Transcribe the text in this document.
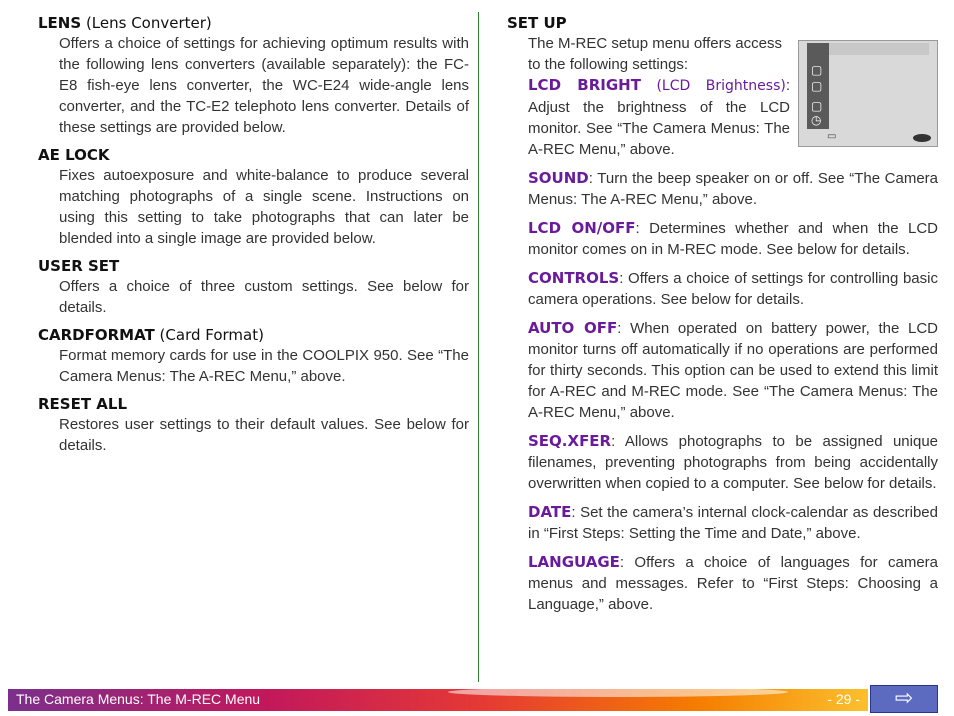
LENS (Lens Converter)
Offers a choice of settings for achieving optimum results with the following lens converters (available separately): the FC-E8 fish-eye lens converter, the WC-E24 wide-angle lens converter, and the TC-E2 telephoto lens converter. Details of these settings are provided below.
AE LOCK
Fixes autoexposure and white-balance to produce several matching photographs of a single scene. Instructions on using this setting to take photographs that can later be blended into a single image are provided below.
USER SET
Offers a choice of three custom settings. See below for details.
CARDFORMAT (Card Format)
Format memory cards for use in the COOLPIX 950. See “The Camera Menus: The A-REC Menu,” above.
RESET ALL
Restores user settings to their default values. See below for details.
SET UP
The M-REC setup menu offers access to the following settings:
LCD BRIGHT (LCD Brightness): Adjust the brightness of the LCD monitor. See “The Camera Menus: The A-REC Menu,” above.
SOUND: Turn the beep speaker on or off. See “The Camera Menus: The A-REC Menu,” above.
LCD ON/OFF: Determines whether and when the LCD monitor comes on in M-REC mode. See below for details.
CONTROLS: Offers a choice of settings for controlling basic camera operations. See below for details.
AUTO OFF: When operated on battery power, the LCD monitor turns off automatically if no operations are performed for thirty seconds. This option can be used to extend this limit for A-REC and M-REC mode. See “The Camera Menus: The A-REC Menu,” above.
SEQ.XFER: Allows photographs to be assigned unique filenames, preventing photographs from being accidentally overwritten when copied to a computer. See below for details.
DATE: Set the camera’s internal clock-calendar as described in “First Steps: Setting the Time and Date,” above.
LANGUAGE: Offers a choice of languages for camera menus and messages. Refer to “First Steps: Choosing a Language,” above.
▢
▢
▢
◷
▭
The Camera Menus: The M-REC Menu	- 29 - ⇨
